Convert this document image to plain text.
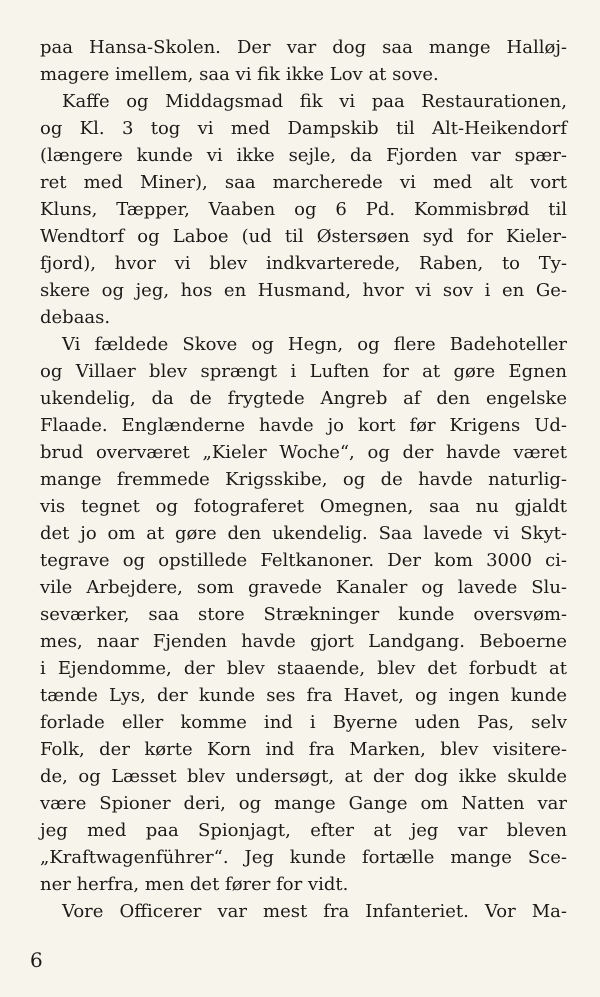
paa Hansa-Skolen. Der var dog saa mange Halløj-
magere imellem, saa vi fik ikke Lov at sove.
Kaffe og Middagsmad fik vi paa Restaurationen,
og Kl. 3 tog vi med Dampskib til Alt-Heikendorf
(længere kunde vi ikke sejle, da Fjorden var spær-
ret med Miner), saa marcherede vi med alt vort
Kluns, Tæpper, Vaaben og 6 Pd. Kommisbrød til
Wendtorf og Laboe (ud til Østersøen syd for Kieler-
fjord), hvor vi blev indkvarterede, Raben, to Ty-
skere og jeg, hos en Husmand, hvor vi sov i en Ge-
debaas.
Vi fældede Skove og Hegn, og flere Badehoteller
og Villaer blev sprængt i Luften for at gøre Egnen
ukendelig, da de frygtede Angreb af den engelske
Flaade. Englænderne havde jo kort før Krigens Ud-
brud overværet „Kieler Woche“, og der havde været
mange fremmede Krigsskibe, og de havde naturlig-
vis tegnet og fotograferet Omegnen, saa nu gjaldt
det jo om at gøre den ukendelig. Saa lavede vi Skyt-
tegrave og opstillede Feltkanoner. Der kom 3000 ci-
vile Arbejdere, som gravede Kanaler og lavede Slu-
seværker, saa store Strækninger kunde oversvøm-
mes, naar Fjenden havde gjort Landgang. Beboerne
i Ejendomme, der blev staaende, blev det forbudt at
tænde Lys, der kunde ses fra Havet, og ingen kunde
forlade eller komme ind i Byerne uden Pas, selv
Folk, der kørte Korn ind fra Marken, blev visitere-
de, og Læsset blev undersøgt, at der dog ikke skulde
være Spioner deri, og mange Gange om Natten var
jeg med paa Spionjagt, efter at jeg var bleven
„Kraftwagenführer“. Jeg kunde fortælle mange Sce-
ner herfra, men det fører for vidt.
Vore Officerer var mest fra Infanteriet. Vor Ma-
6
